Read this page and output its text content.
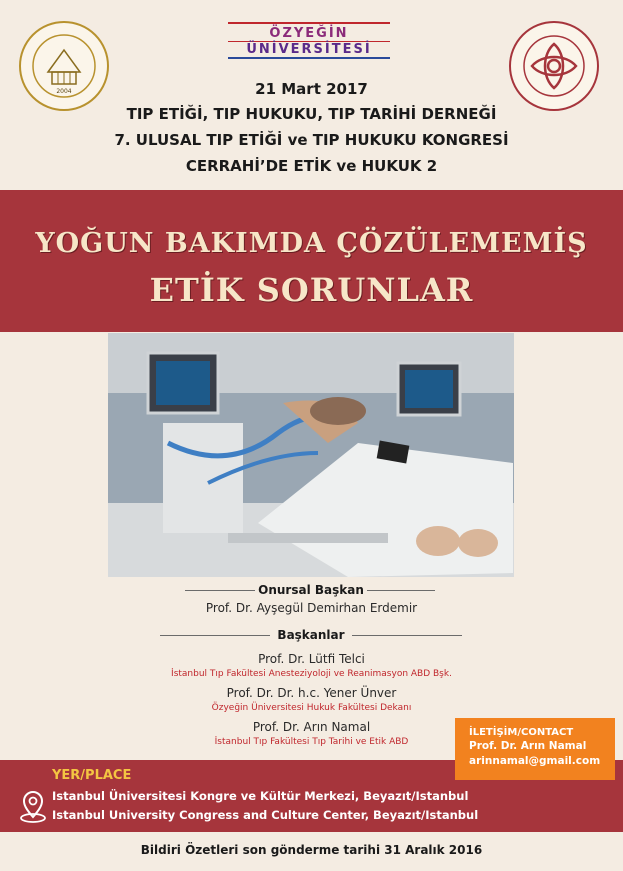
2004
ÖZYEĞİN
ÜNİVERSİTESİ
21 Mart 2017
TIP ETİĞİ, TIP HUKUKU, TIP TARİHİ DERNEĞİ
7. ULUSAL TIP ETİĞİ ve TIP HUKUKU KONGRESİ
CERRAHİ’DE ETİK ve HUKUK 2
YOĞUN BAKIMDA ÇÖZÜLEMEMİŞ
ETİK SORUNLAR
Onursal Başkan
Prof. Dr. Ayşegül Demirhan Erdemir
Başkanlar
Prof. Dr. Lütfi Telci
İstanbul Tıp Fakültesi Anesteziyoloji ve Reanimasyon ABD Bşk.
Prof. Dr. Dr. h.c. Yener Ünver
Özyeğin Üniversitesi Hukuk Fakültesi Dekanı
Prof. Dr. Arın Namal
İstanbul Tıp Fakültesi Tıp Tarihi ve Etik ABD
YER/PLACE
Istanbul Üniversitesi Kongre ve Kültür Merkezi, Beyazıt/Istanbul
Istanbul University Congress and Culture Center, Beyazıt/Istanbul
İLETİŞİM/CONTACT
Prof. Dr. Arın Namal
arinnamal@gmail.com
Bildiri Özetleri son gönderme tarihi 31 Aralık 2016
